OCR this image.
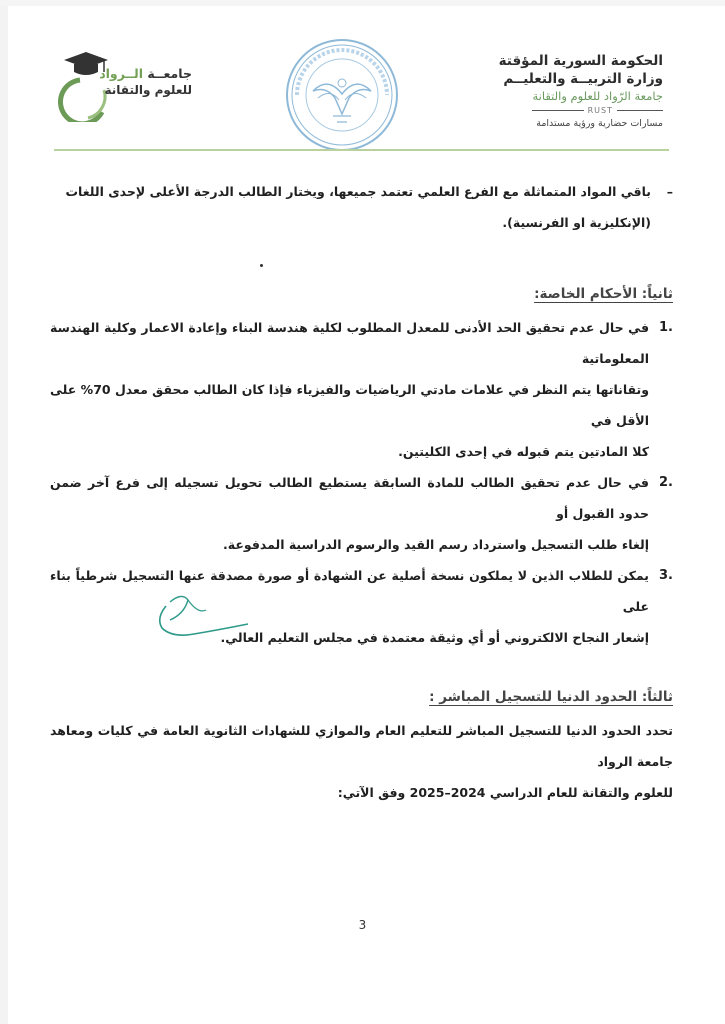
الحكومة السورية المؤقتة
وزارة التربيــة والتعليــم
جامعة الرّواد للعلوم والتقانة
RUST
مسارات حضارية ورؤية مستدامة
جامعــة الــرواد
للعلوم والتقانة
–
باقي المواد المتماثلة مع الفرع العلمي تعتمد جميعها، ويختار الطالب الدرجة الأعلى لإحدى اللغات
(الإنكليزية او الفرنسية).
ثانياً: الأحكام الخاصة:
.1
في حال عدم تحقيق الحد الأدنى للمعدل المطلوب لكلية هندسة البناء وإعادة الاعمار وكلية الهندسة المعلوماتية
وتقاناتها يتم النظر في علامات مادتي الرياضيات والفيزياء فإذا كان الطالب محقق معدل 70% على الأقل في
كلا المادتين يتم قبوله في إحدى الكليتين.
.2
في حال عدم تحقيق الطالب للمادة السابقة يستطيع الطالب تحويل تسجيله إلى فرع آخر ضمن حدود القبول أو
إلغاء طلب التسجيل واسترداد رسم القيد والرسوم الدراسية المدفوعة.
.3
يمكن للطلاب الذين لا يملكون نسخة أصلية عن الشهادة أو صورة مصدقة عنها التسجيل شرطياً بناء على
إشعار النجاح الالكتروني أو أي وثيقة معتمدة في مجلس التعليم العالي.
ثالثاً: الحدود الدنيا للتسجيل المباشر :
تحدد الحدود الدنيا للتسجيل المباشر للتعليم العام والموازي للشهادات الثانوية العامة في كليات ومعاهد جامعة الرواد
للعلوم والتقانة للعام الدراسي 2024–2025 وفق الآتي:
3
